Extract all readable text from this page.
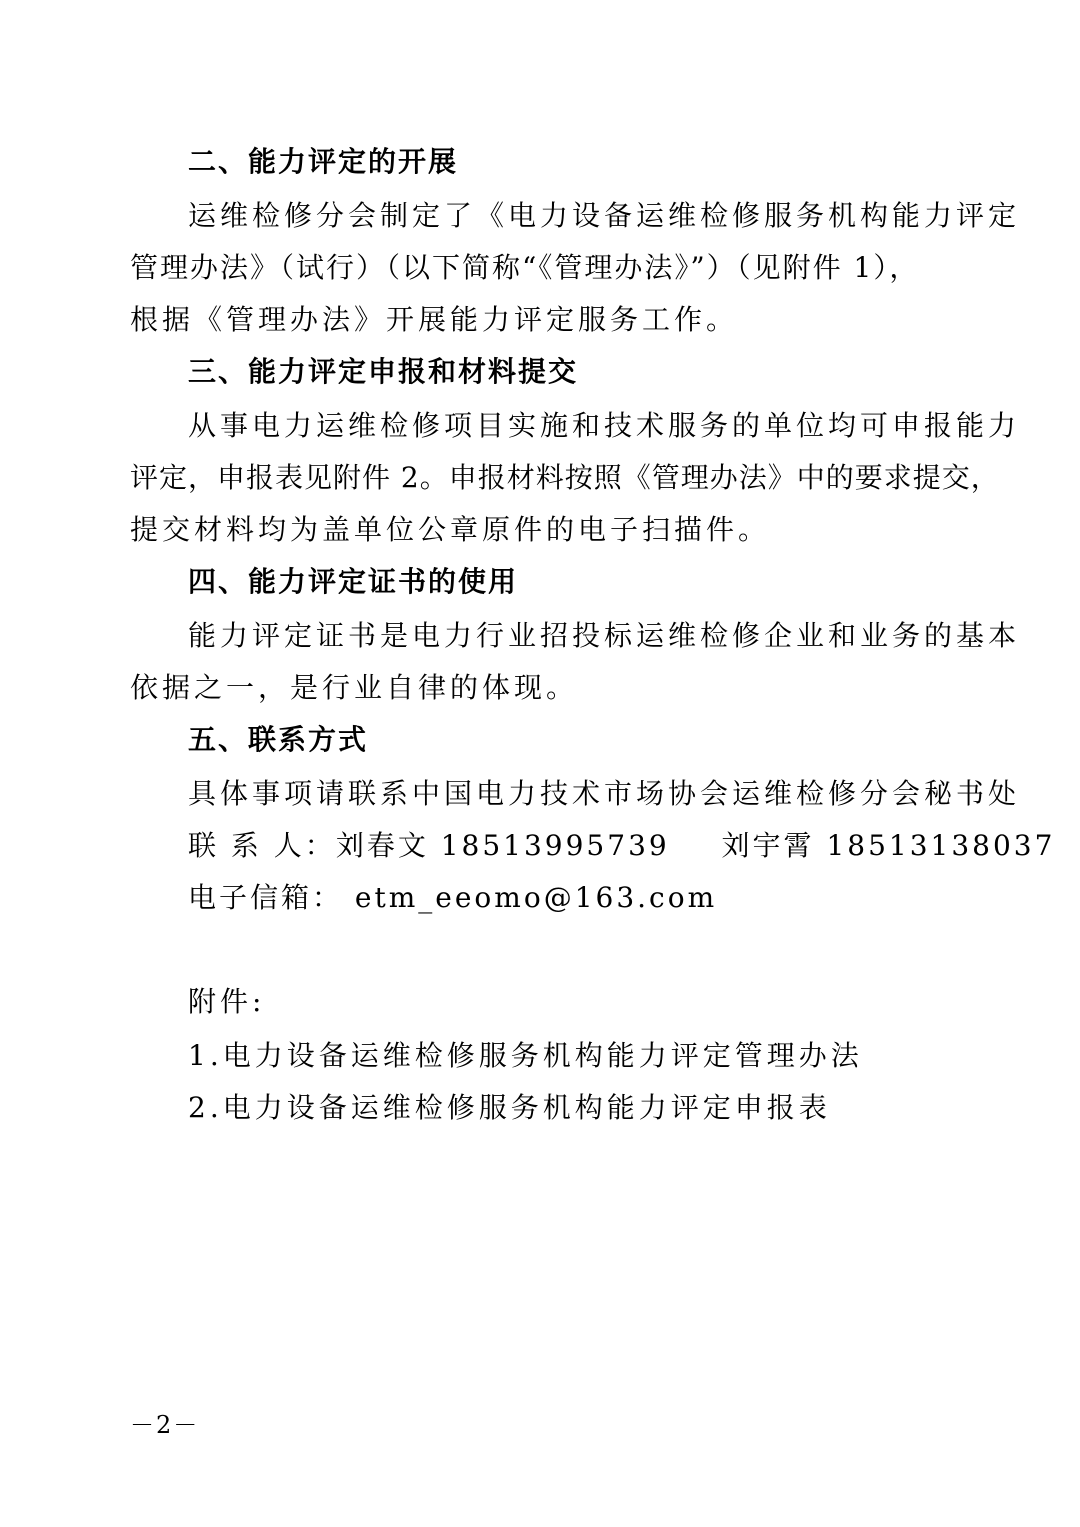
二、能力评定的开展
运维检修分会制定了《电力设备运维检修服务机构能力评定
管理办法》（试行）（以下简称“《管理办法》”）（见附件 1），
根据《管理办法》开展能力评定服务工作。
三、能力评定申报和材料提交
从事电力运维检修项目实施和技术服务的单位均可申报能力
评定，申报表见附件 2。申报材料按照《管理办法》中的要求提交，
提交材料均为盖单位公章原件的电子扫描件。
四、能力评定证书的使用
能力评定证书是电力行业招投标运维检修企业和业务的基本
依据之一，是行业自律的体现。
五、联系方式
具体事项请联系中国电力技术市场协会运维检修分会秘书处
联 系 人：刘春文 18513995739 刘宇霄 18513138037
电子信箱： etm_eeomo@163.com
附件:
1.电力设备运维检修服务机构能力评定管理办法
2.电力设备运维检修服务机构能力评定申报表
－2－
